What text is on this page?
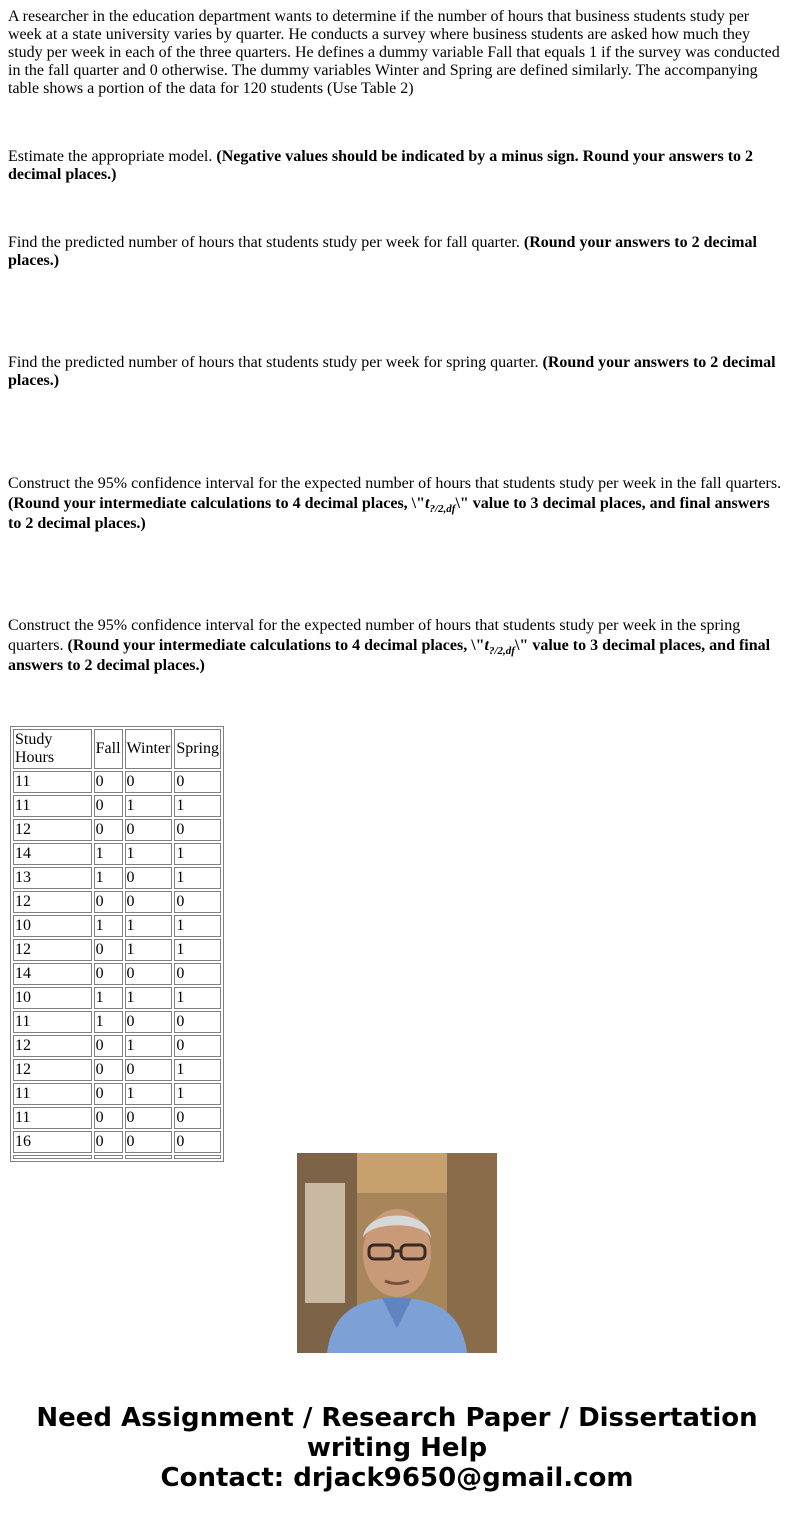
A researcher in the education department wants to determine if the number of hours that business students study per week at a state university varies by quarter. He conducts a survey where business students are asked how much they study per week in each of the three quarters. He defines a dummy variable Fall that equals 1 if the survey was conducted in the fall quarter and 0 otherwise. The dummy variables Winter and Spring are defined similarly. The accompanying table shows a portion of the data for 120 students (Use Table 2)

Estimate the appropriate model. (Negative values should be indicated by a minus sign. Round your answers to 2 decimal places.)

Find the predicted number of hours that students study per week for fall quarter. (Round your answers to 2 decimal places.)

Find the predicted number of hours that students study per week for spring quarter. (Round your answers to 2 decimal places.)

Construct the 95% confidence interval for the expected number of hours that students study per week in the fall quarters. (Round your intermediate calculations to 4 decimal places, $\backslash"t_{?/2,df}\backslash$" value to 3 decimal places, and final answers to 2 decimal places.)

Construct the 95% confidence interval for the expected number of hours that students study per week in the spring quarters. (Round your intermediate calculations to 4 decimal places, $\backslash"t_{?/2,df}\backslash$" value to 3 decimal places, and final answers to 2 decimal places.)

Study Hours	Fall	Winter	Spring
11	0	0	0
11	0	1	1
12	0	0	0
14	1	1	1
13	1	0	1
12	0	0	0
10	1	1	1
12	0	1	1
14	0	0	0
10	1	1	1
11	1	0	0
12	0	1	0
12	0	0	1
11	0	1	1
11	0	0	0
16	0	0	0

Need Assignment / Research Paper / Dissertation
writing Help
Contact: drjack9650@gmail.com
